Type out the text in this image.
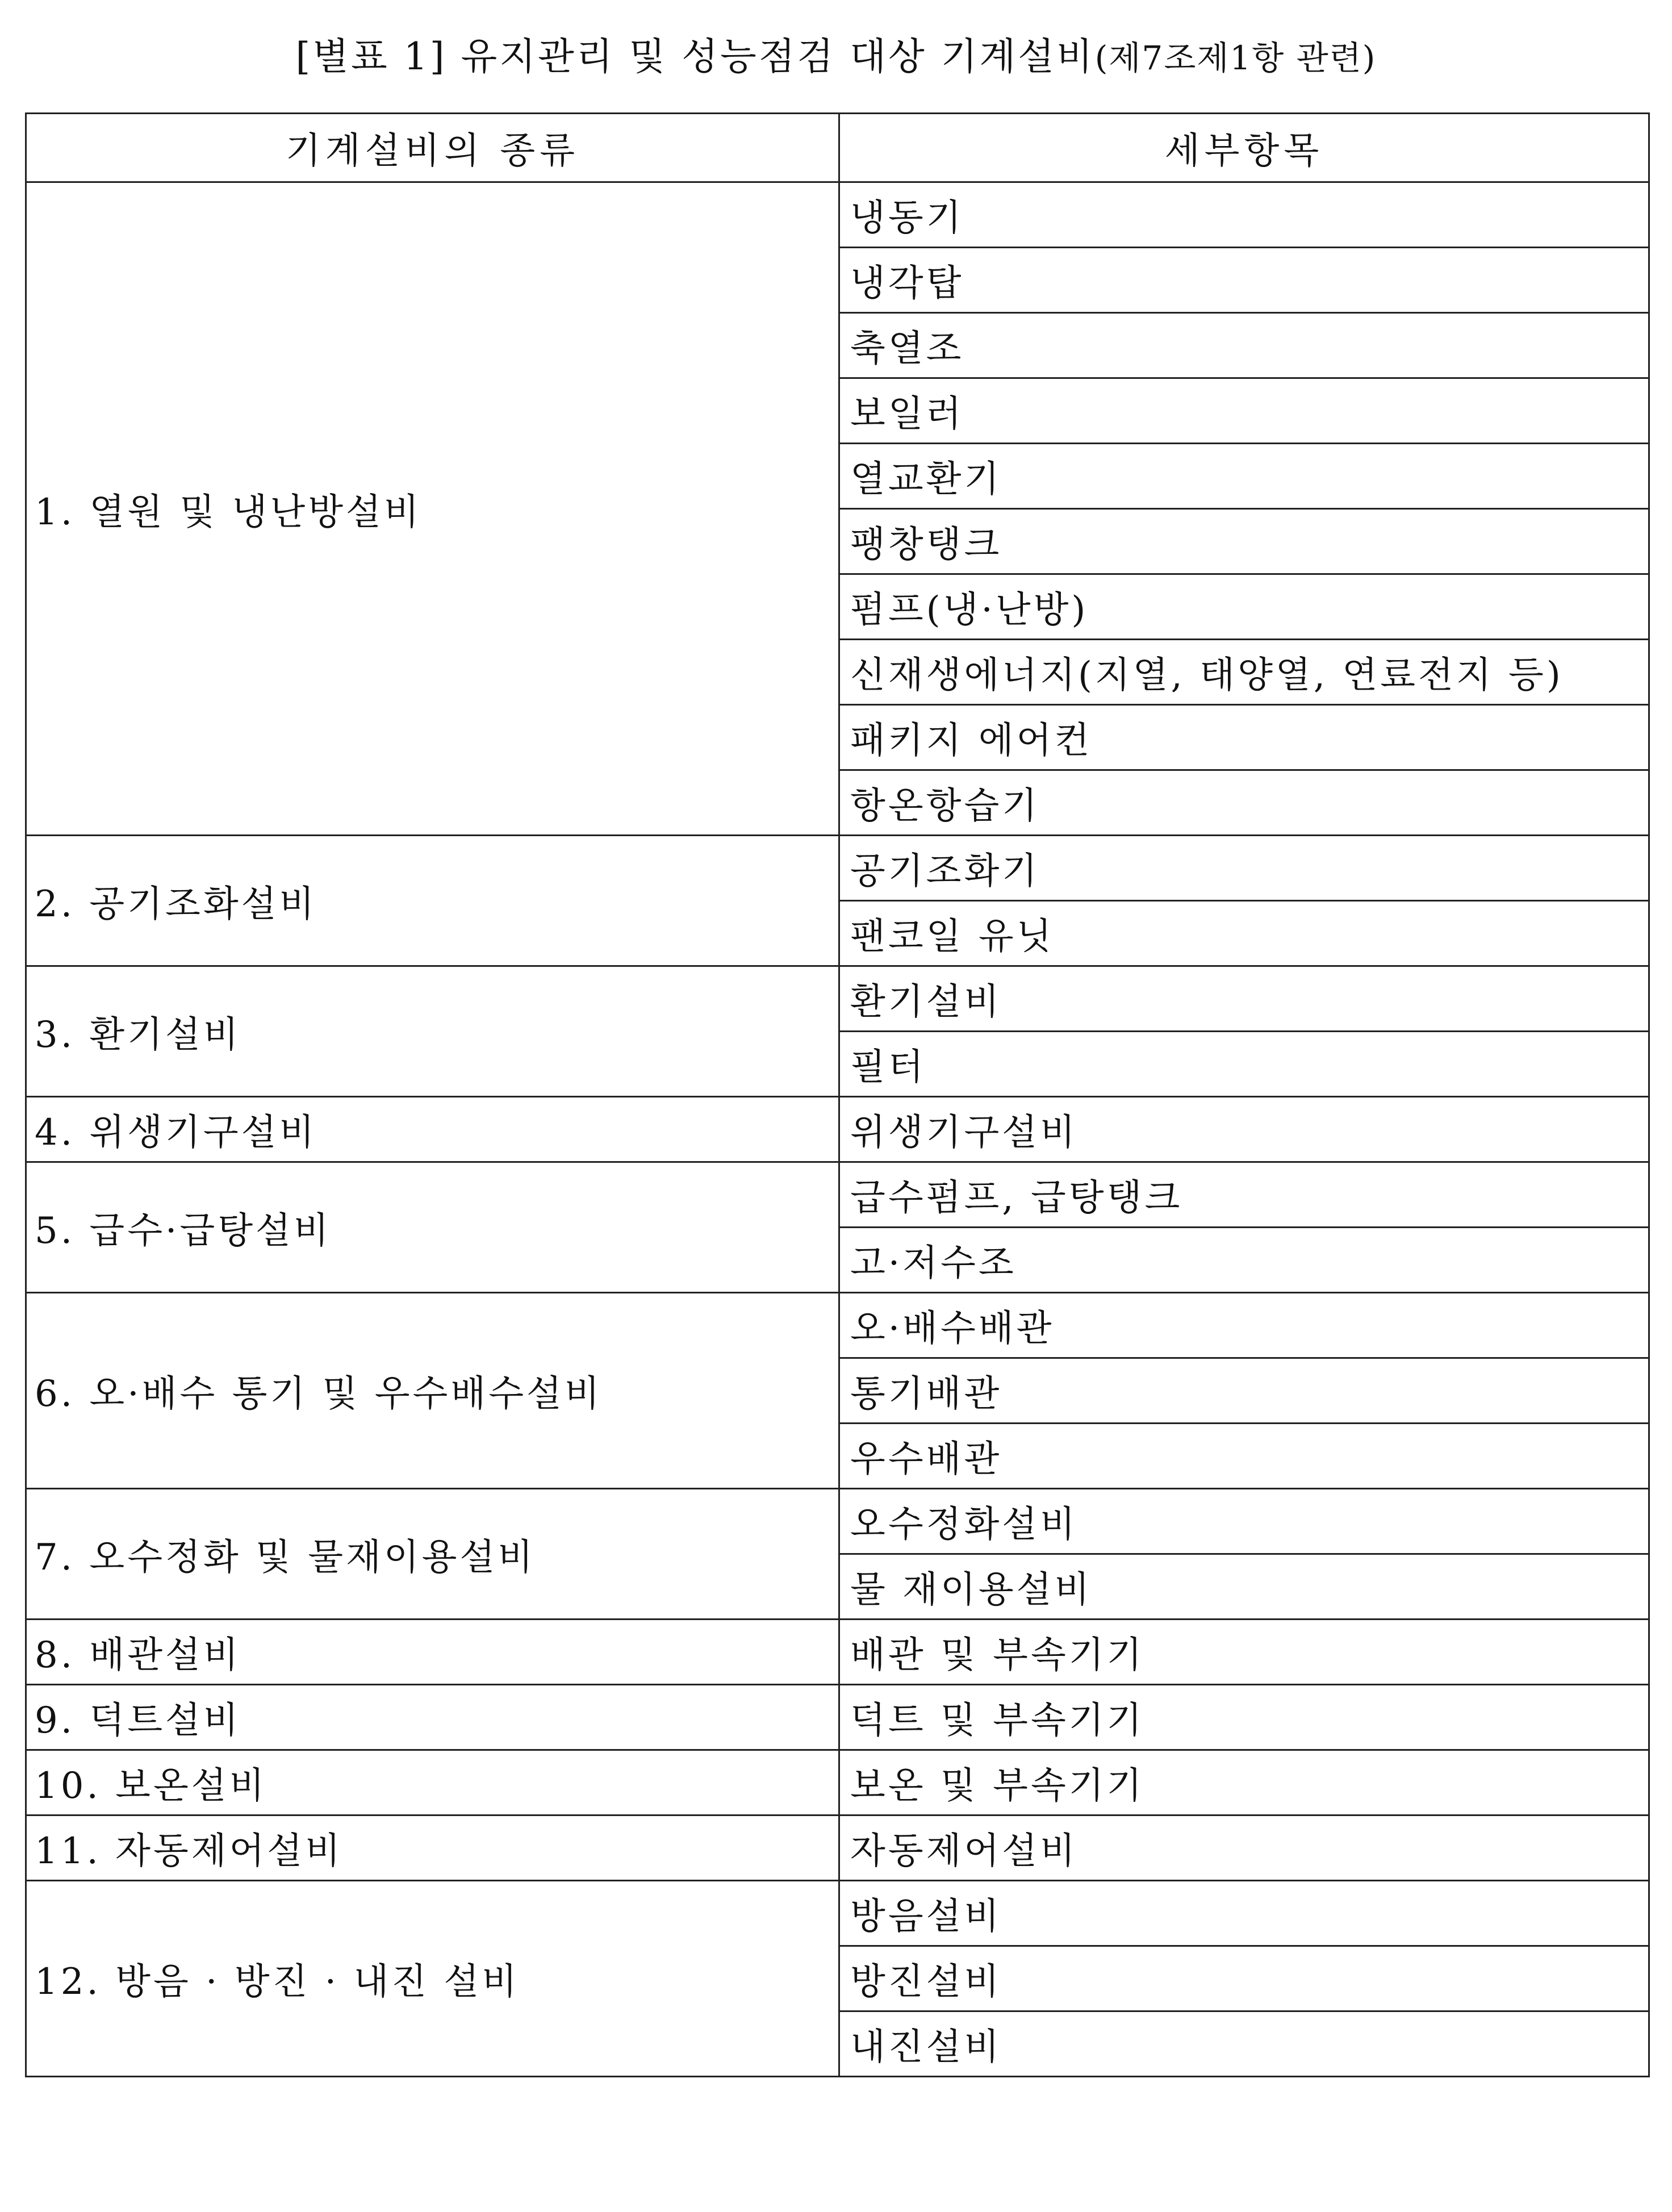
[별표 1] 유지관리 및 성능점검 대상 기계설비(제7조제1항 관련)
기계설비의 종류	세부항목
1. 열원 및 냉난방설비	냉동기
	냉각탑
	축열조
	보일러
	열교환기
	팽창탱크
	펌프(냉·난방)
	신재생에너지(지열, 태양열, 연료전지 등)
	패키지 에어컨
	항온항습기
2. 공기조화설비	공기조화기
	팬코일 유닛
3. 환기설비	환기설비
	필터
4. 위생기구설비	위생기구설비
5. 급수·급탕설비	급수펌프, 급탕탱크
	고·저수조
6. 오·배수 통기 및 우수배수설비	오·배수배관
	통기배관
	우수배관
7. 오수정화 및 물재이용설비	오수정화설비
	물 재이용설비
8. 배관설비	배관 및 부속기기
9. 덕트설비	덕트 및 부속기기
10. 보온설비	보온 및 부속기기
11. 자동제어설비	자동제어설비
12. 방음 · 방진 · 내진 설비	방음설비
	방진설비
	내진설비
